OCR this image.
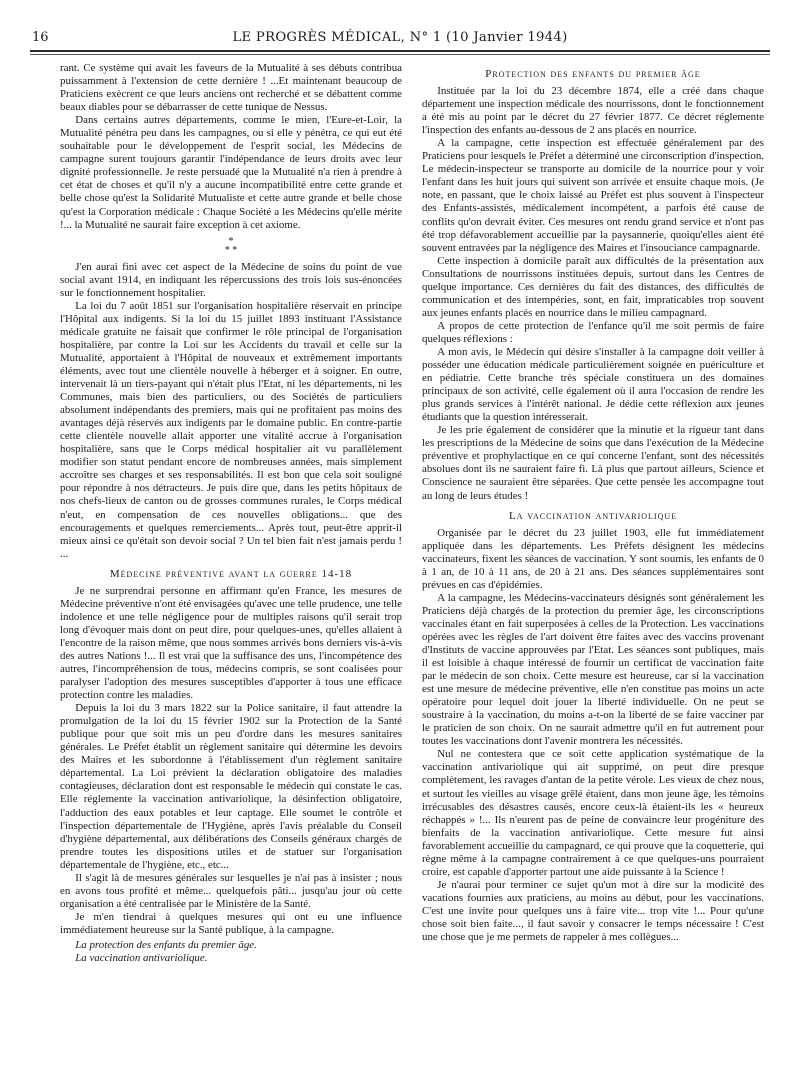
16	LE PROGRÈS MÉDICAL, N° 1 (10 Janvier 1944)

rant. Ce système qui avait les faveurs de la Mutualité à ses débuts contribua puissamment à l'extension de cette dernière ! ...Et maintenant beaucoup de Praticiens exècrent ce que leurs anciens ont recherché et se débattent comme beaux diables pour se débarrasser de cette tunique de Nessus.

Dans certains autres départements, comme le mien, l'Eure-et-Loir, la Mutualité pénétra peu dans les campagnes, ou si elle y pénétra, ce qui eut été souhaitable pour le développement de l'esprit social, les Médecins de campagne surent toujours garantir l'indépendance de leurs droits avec leur dignité professionnelle. Je reste persuadé que la Mutualité n'a rien à prendre à cet état de choses et qu'il n'y a aucune incompatibilité entre cette grande et belle chose qu'est la Solidarité Mutualiste et cette autre grande et belle chose qu'est la Corporation médicale : Chaque Société a les Médecins qu'elle mérite !... la Mutualité ne saurait faire exception à cet axiome.

*
* *

J'en aurai fini avec cet aspect de la Médecine de soins du point de vue social avant 1914, en indiquant les répercussions des trois lois sus-énoncées sur le fonctionnement hospitalier.

La loi du 7 août 1851 sur l'organisation hospitalière réservait en principe l'Hôpital aux indigents. Si la loi du 15 juillet 1893 instituant l'Assistance médicale gratuite ne faisait que confirmer le rôle principal de l'organisation hospitalière, par contre la Loi sur les Accidents du travail et celle sur la Mutualité, apportaient à l'Hôpital de nouveaux et extrêmement importants éléments, avec tout une clientèle nouvelle à héberger et à soigner. En outre, intervenait là un tiers-payant qui n'était plus l'Etat, ni les départements, ni les Communes, mais bien des particuliers, ou des Sociétés de particuliers absolument indépendants des premiers, mais qui ne profitaient pas moins des avantages déjà réservés aux indigents par le domaine public. En contre-partie cette clientèle nouvelle allait apporter une vitalité accrue à l'organisation hospitalière, sans que le Corps médical hospitalier ait vu parallèlement modifier son statut pendant encore de nombreuses années, mais simplement accroître ses charges et ses responsabilités. Il est bon que cela soit souligné pour répondre à nos détracteurs. Je puis dire que, dans les petits hôpitaux de nos chefs-lieux de canton ou de grosses communes rurales, le Corps médical n'eut, en compensation de ces nouvelles obligations... que des encouragements et quelques remerciements... Après tout, peut-être apprit-il mieux ainsi ce qu'était son devoir social ? Un tel bien fait n'est jamais perdu ! ...

Médecine préventive avant la guerre 14-18

Je ne surprendrai personne en affirmant qu'en France, les mesures de Médecine préventive n'ont été envisagées qu'avec une telle prudence, une telle indolence et une telle négligence pour de multiples raisons qu'il serait trop long d'évoquer mais dont on peut dire, pour quelques-unes, qu'elles allaient à l'encontre de la raison même, que nous sommes arrivés bons derniers vis-à-vis des autres Nations !... Il est vrai que la suffisance des uns, l'incompétence des autres, l'incompréhension de tous, médecins compris, se sont coalisées pour paralyser l'adoption des mesures susceptibles d'apporter à tous une efficace protection contre les maladies.

Depuis la loi du 3 mars 1822 sur la Police sanitaire, il faut attendre la promulgation de la loi du 15 février 1902 sur la Protection de la Santé publique pour que soit mis un peu d'ordre dans les mesures sanitaires générales. Le Préfet établit un règlement sanitaire qui détermine les devoirs des Maires et les subordonne à l'établissement d'un règlement sanitaire départemental. La Loi prévient la déclaration obligatoire des maladies contagieuses, déclaration dont est responsable le médecin qui constate le cas. Elle réglemente la vaccination antivariolique, la désinfection obligatoire, l'adduction des eaux potables et leur captage. Elle soumet le contrôle et l'inspection départementale de l'Hygiène, après l'avis préalable du Conseil d'hygiène départemental, aux délibérations des Conseils généraux chargés de prendre toutes les dispositions utiles et de statuer sur l'organisation départementale de l'hygiène, etc., etc...

Il s'agit là de mesures générales sur lesquelles je n'ai pas à insister ; nous en avons tous profité et même... quelquefois pâti... jusqu'au jour où cette organisation a été centralisée par le Ministère de la Santé.

Je m'en tiendrai à quelques mesures qui ont eu une influence immédiatement heureuse sur la Santé publique, à la campagne.

La protection des enfants du premier âge.
La vaccination antivariolique.
Protection des enfants du premier âge

Instituée par la loi du 23 décembre 1874, elle a créé dans chaque département une inspection médicale des nourrissons, dont le fonctionnement a été mis au point par le décret du 27 février 1877. Ce décret réglemente l'inspection des enfants au-dessous de 2 ans placés en nourrice.

A la campagne, cette inspection est effectuée généralement par des Praticiens pour lesquels le Préfet a déterminé une circonscription d'inspection. Le médecin-inspecteur se transporte au domicile de la nourrice pour y voir l'enfant dans les huit jours qui suivent son arrivée et ensuite chaque mois. (Je note, en passant, que le choix laissé au Préfet est plus souvent à l'inspecteur des Enfants-assistés, médicalement incompétent, a parfois été cause de conflits qu'on devrait éviter. Ces mesures ont rendu grand service et n'ont pas été trop défavorablement accueillie par la paysannerie, quoiqu'elles aient été souvent entravées par la négligence des Maires et l'insouciance campagnarde.

Cette inspection à domicile paraît aux difficultés de la présentation aux Consultations de nourrissons instituées depuis, surtout dans les Centres de quelque importance. Ces dernières du fait des distances, des difficultés de communication et des intempéries, sont, en fait, impraticables trop souvent aux jeunes enfants placés en nourrice dans le milieu campagnard.

A propos de cette protection de l'enfance qu'il me soit permis de faire quelques réflexions :

A mon avis, le Médecin qui désire s'installer à la campagne doit veiller à posséder une éducation médicale particulièrement soignée en puériculture et en pédiatrie. Cette branche très spéciale constituera un des domaines principaux de son activité, celle également où il aura l'occasion de rendre les plus grands services à l'intérêt national. Je dédie cette réflexion aux jeunes étudiants que la question intéresserait.

Je les prie également de considérer que la minutie et la rigueur tant dans les prescriptions de la Médecine de soins que dans l'exécution de la Médecine préventive et prophylactique en ce qui concerne l'enfant, sont des nécessités absolues dont ils ne sauraient faire fi. Là plus que partout ailleurs, Science et Conscience ne sauraient être séparées. Que cette pensée les accompagne tout au long de leurs études !

La vaccination antivariolique

Organisée par le décret du 23 juillet 1903, elle fut immédiatement appliquée dans les départements. Les Préfets désignent les médecins vaccinateurs, fixent les séances de vaccination. Y sont soumis, les enfants de 0 à 1 an, de 10 à 11 ans, de 20 à 21 ans. Des séances supplémentaires sont prévues en cas d'épidémies.

A la campagne, les Médecins-vaccinateurs désignés sont généralement les Praticiens déjà chargés de la protection du premier âge, les circonscriptions vaccinales étant en fait superposées à celles de la Protection. Les vaccinations opérées avec les règles de l'art doivent être faites avec des vaccins provenant d'Instituts de vaccine approuvées par l'Etat. Les séances sont publiques, mais il est loisible à chaque intéressé de fournir un certificat de vaccination faite par le médecin de son choix. Cette mesure est heureuse, car si la vaccination est une mesure de médecine préventive, elle n'en constitue pas moins un acte opératoire pour lequel doit jouer la liberté individuelle. On ne peut se soustraire à la vaccination, du moins a-t-on la liberté de se faire vacciner par le praticien de son choix. On ne saurait admettre qu'il en fut autrement pour toutes les vaccinations dont l'avenir montrera les nécessités.

Nul ne contestera que ce soit cette application systématique de la vaccination antivariolique qui ait supprimé, on peut dire presque complètement, les ravages d'antan de la petite vérole. Les vieux de chez nous, et surtout les vieilles au visage grêlé étaient, dans mon jeune âge, les témoins irrécusables des désastres causés, encore ceux-là étaient-ils les « heureux réchappés » !... Ils n'eurent pas de peine de convaincre leur progéniture des bienfaits de la vaccination antivariolique. Cette mesure fut ainsi favorablement accueillie du campagnard, ce qui prouve que la coquetterie, qui règne même à la campagne contrairement à ce que quelques-uns pourraient croire, est capable d'apporter partout une aide puissante à la Science !

Je n'aurai pour terminer ce sujet qu'un mot à dire sur la modicité des vacations fournies aux praticiens, au moins au début, pour les vaccinations. C'est une invite pour quelques uns à faire vite... trop vite !... Pour qu'une chose soit bien faite..., il faut savoir y consacrer le temps nécessaire ! C'est une chose que je me permets de rappeler à mes collègues...
